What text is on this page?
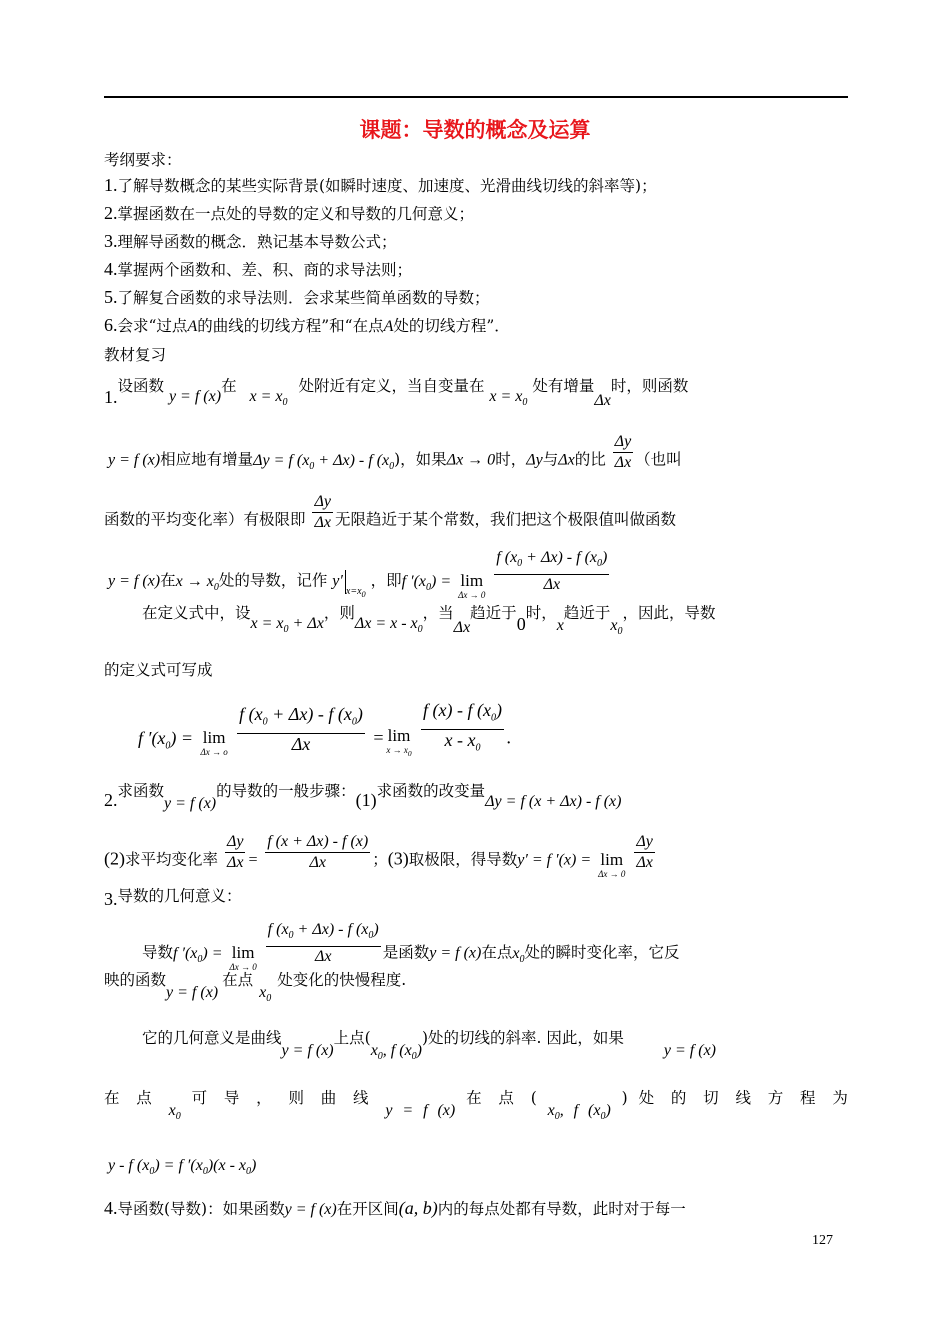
课题：导数的概念及运算
考纲要求：
1.了解导数概念的某些实际背景(如瞬时速度、加速度、光滑曲线切线的斜率等)；
2.掌握函数在一点处的导数的定义和导数的几何意义；
3.理解导函数的概念．熟记基本导数公式；
4.掌握两个函数和、差、积、商的求导法则；
5.了解复合函数的求导法则．会求某些简单函数的导数；
6.会求“过点A的曲线的切线方程”和“在点A处的切线方程”．
教材复习
1.设函数 y = f (x)在 $x = x_0$ 处附近有定义，当自变量在 $x = x_0$ 处有增量Δx时，则函数
y = f (x)相应地有增量Δy = f $(x_0 + \Delta x) - f$ $(x_0)$，如果Δx → 0时，Δy与Δx的比 $\frac{\Delta y}{\Delta x}$ （也叫
函数的平均变化率）有极限即 $\frac{\Delta y}{\Delta x}$ 无限趋近于某个常数，我们把这个极限值叫做函数
y = f (x)在$x \to x_0$处的导数，记作 $y'_{x=x_0}$ ，即f $'(x_0) = \lim$
Δx → 0
$\frac{f (x_0 + \Delta x) - f (x_0)}{\Delta x}$
在定义式中，设$x = x_0 + \Delta x$，则$\Delta x = x - x_0$，当Δx趋近于0时，x趋近于$x_0$，因此，导数
的定义式可写成
f $'(x_0) = \lim$
Δx → o
$\frac{f (x_0 + \Delta x) - f (x_0)}{\Delta x} = \lim$
$x \to x_0$
$\frac{f (x) - f (x_0)}{x - x_0}$ .
2.求函数y = f (x)的导数的一般步骤：(1)求函数的改变量Δy = f (x + Δx) - f (x)
(2)求平均变化率 $\frac{\Delta y}{\Delta x} = \frac{f (x + \Delta x) - f (x)}{\Delta x}$ ；(3)取极限，得导数y′ = f ′(x) = lim
Δx → 0

$\frac{\Delta y}{\Delta x}$
3.导数的几何意义：
导数f $'(x_0) = \lim$
Δx → 0
$\frac{f (x_0 + \Delta x) - f (x_0)}{\Delta x}$ 是函数y = f (x)在点$x_0$处的瞬时变化率，它反
映的函数y = f (x)在点$x_0$处变化的快慢程度.
它的几何意义是曲线y = f (x)上点($x_0$, f $(x_0)$)处的切线的斜率. 因此，如果y = f (x)
在 点 $x_0$ 可 导 ， 则 曲 线 y = f (x) 在 点 ( $x_0$, f $(x_0)$ ) 处 的 切 线 方 程 为
y - f $(x_0) = f$ $'(x_0)(x - x_0)$
4.导函数(导数)：如果函数y = f (x)在开区间(a, b)内的每点处都有导数，此时对于每一
127
